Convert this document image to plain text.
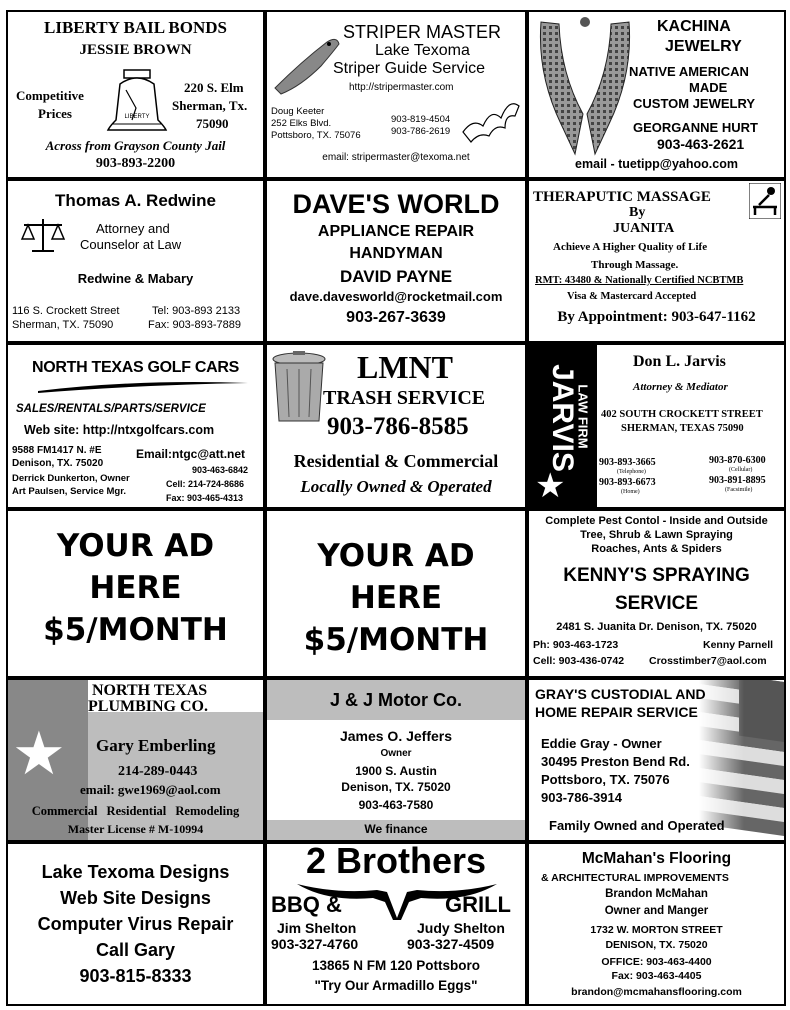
LIBERTY BAIL BONDS
JESSIE BROWN
Competitive
Prices	LIBERTY
220 S. Elm
Sherman, Tx.
75090
Across from Grayson County Jail
903-893-2200
STRIPER MASTER
Lake Texoma
Striper Guide Service
http://stripermaster.com
Doug Keeter
252 Elks Blvd.
Pottsboro, TX. 75076
903-819-4504
903-786-2619
email: stripermaster@texoma.net
KACHINA
JEWELRY
NATIVE AMERICAN
MADE
CUSTOM JEWELRY
GEORGANNE HURT
903-463-2621
email - tuetipp@yahoo.com
Thomas A. Redwine
Attorney and
Counselor at Law
Redwine & Mabary
116 S. Crockett Street
Sherman, TX. 75090
Tel: 903-893 2133
Fax: 903-893-7889
DAVE'S WORLD
APPLIANCE REPAIR
HANDYMAN
DAVID PAYNE
dave.davesworld@rocketmail.com
903-267-3639
THERAPUTIC MASSAGE
By
JUANITA
Achieve A Higher Quality of Life
Through Massage.
RMT: 43480 & Nationally Certified NCBTMB
Visa & Mastercard Accepted
By Appointment: 903-647-1162
NORTH TEXAS GOLF CARS
SALES/RENTALS/PARTS/SERVICE
Web site: http://ntxgolfcars.com
9588 FM1417 N. #E
Denison, TX. 75020
Email:ntgc@att.net
903-463-6842
Derrick Dunkerton, Owner
Art Paulsen, Service Mgr.
Cell: 214-724-8686
Fax: 903-465-4313
LMNT
TRASH SERVICE
903-786-8585
Residential & Commercial
Locally Owned & Operated
JARVIS
LAW FIRM
★
Don L. Jarvis
Attorney & Mediator
402 SOUTH CROCKETT STREET
SHERMAN, TEXAS 75090
903-893-3665
(Telephone)
903-870-6300
(Cellular)
903-893-6673
(Home)
903-891-8895
(Facsimile)
YOUR AD
HERE
$5/MONTH
YOUR AD
HERE
$5/MONTH
Complete Pest Contol - Inside and Outside
Tree, Shrub & Lawn Spraying
Roaches, Ants & Spiders
KENNY'S SPRAYING
SERVICE
2481 S. Juanita Dr. Denison, TX. 75020
Ph: 903-463-1723	Kenny Parnell
Cell: 903-436-0742 Crosstimber7@aol.com
★
NORTH TEXAS
PLUMBING CO.
Gary Emberling
214-289-0443
email: gwe1969@aol.com
Commercial Residential Remodeling
Master License # M-10994
J & J Motor Co.
James O. Jeffers
Owner
1900 S. Austin
Denison, TX. 75020
903-463-7580
We finance
GRAY'S CUSTODIAL AND
HOME REPAIR SERVICE
Eddie Gray - Owner
30495 Preston Bend Rd.
Pottsboro, TX. 75076
903-786-3914
Family Owned and Operated
Lake Texoma Designs
Web Site Designs
Computer Virus Repair
Call Gary
903-815-8333
2 Brothers
BBQ &	GRILL
Jim Shelton
903-327-4760
Judy Shelton
903-327-4509
13865 N FM 120 Pottsboro
"Try Our Armadillo Eggs"
McMahan's Flooring
& ARCHITECTURAL IMPROVEMENTS
Brandon McMahan
Owner and Manger
1732 W. MORTON STREET
DENISON, TX. 75020
OFFICE: 903-463-4400
Fax: 903-463-4405
brandon@mcmahansflooring.com
